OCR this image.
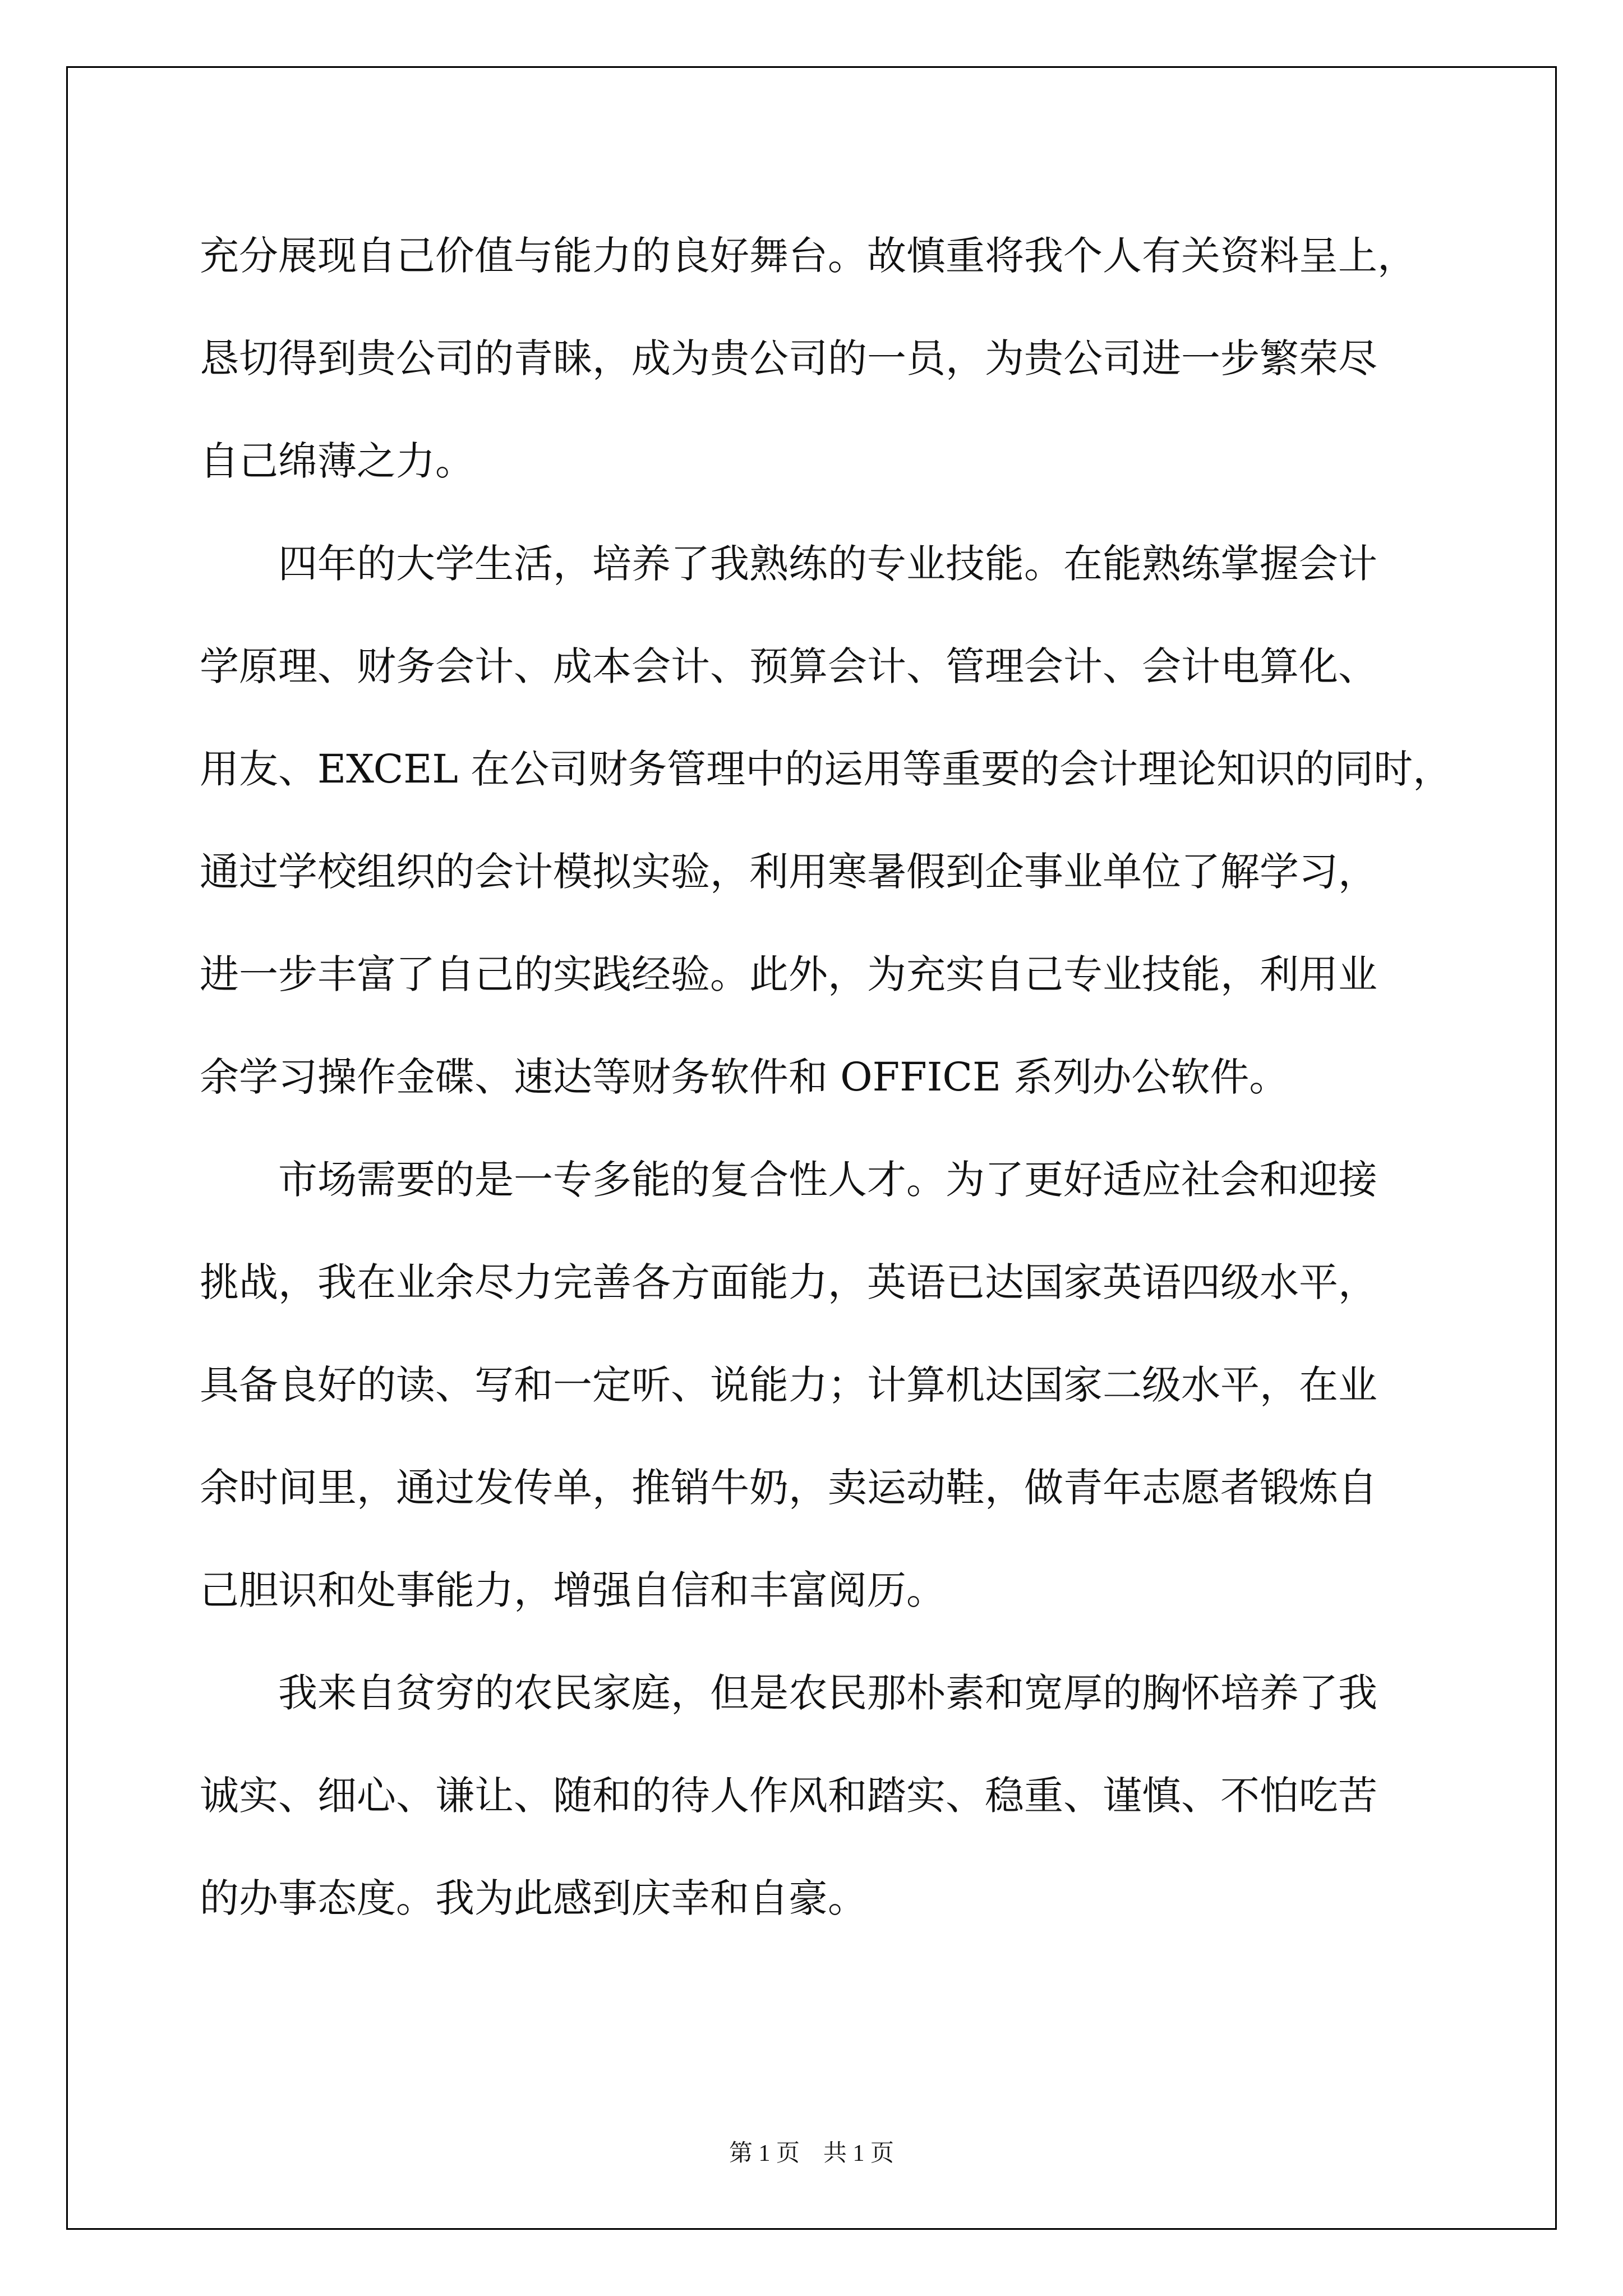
充分展现自己价值与能力的良好舞台。故慎重将我个人有关资料呈上，
恳切得到贵公司的青睐，成为贵公司的一员，为贵公司进一步繁荣尽
自己绵薄之力。
四年的大学生活，培养了我熟练的专业技能。在能熟练掌握会计
学原理、财务会计、成本会计、预算会计、管理会计、会计电算化、
用友、EXCEL 在公司财务管理中的运用等重要的会计理论知识的同时，
通过学校组织的会计模拟实验，利用寒暑假到企事业单位了解学习，
进一步丰富了自己的实践经验。此外，为充实自己专业技能，利用业
余学习操作金碟、速达等财务软件和 OFFICE 系列办公软件。
市场需要的是一专多能的复合性人才。为了更好适应社会和迎接
挑战，我在业余尽力完善各方面能力，英语已达国家英语四级水平，
具备良好的读、写和一定听、说能力；计算机达国家二级水平，在业
余时间里，通过发传单，推销牛奶，卖运动鞋，做青年志愿者锻炼自
己胆识和处事能力，增强自信和丰富阅历。
我来自贫穷的农民家庭，但是农民那朴素和宽厚的胸怀培养了我
诚实、细心、谦让、随和的待人作风和踏实、稳重、谨慎、不怕吃苦
的办事态度。我为此感到庆幸和自豪。
第 1 页    共 1 页
